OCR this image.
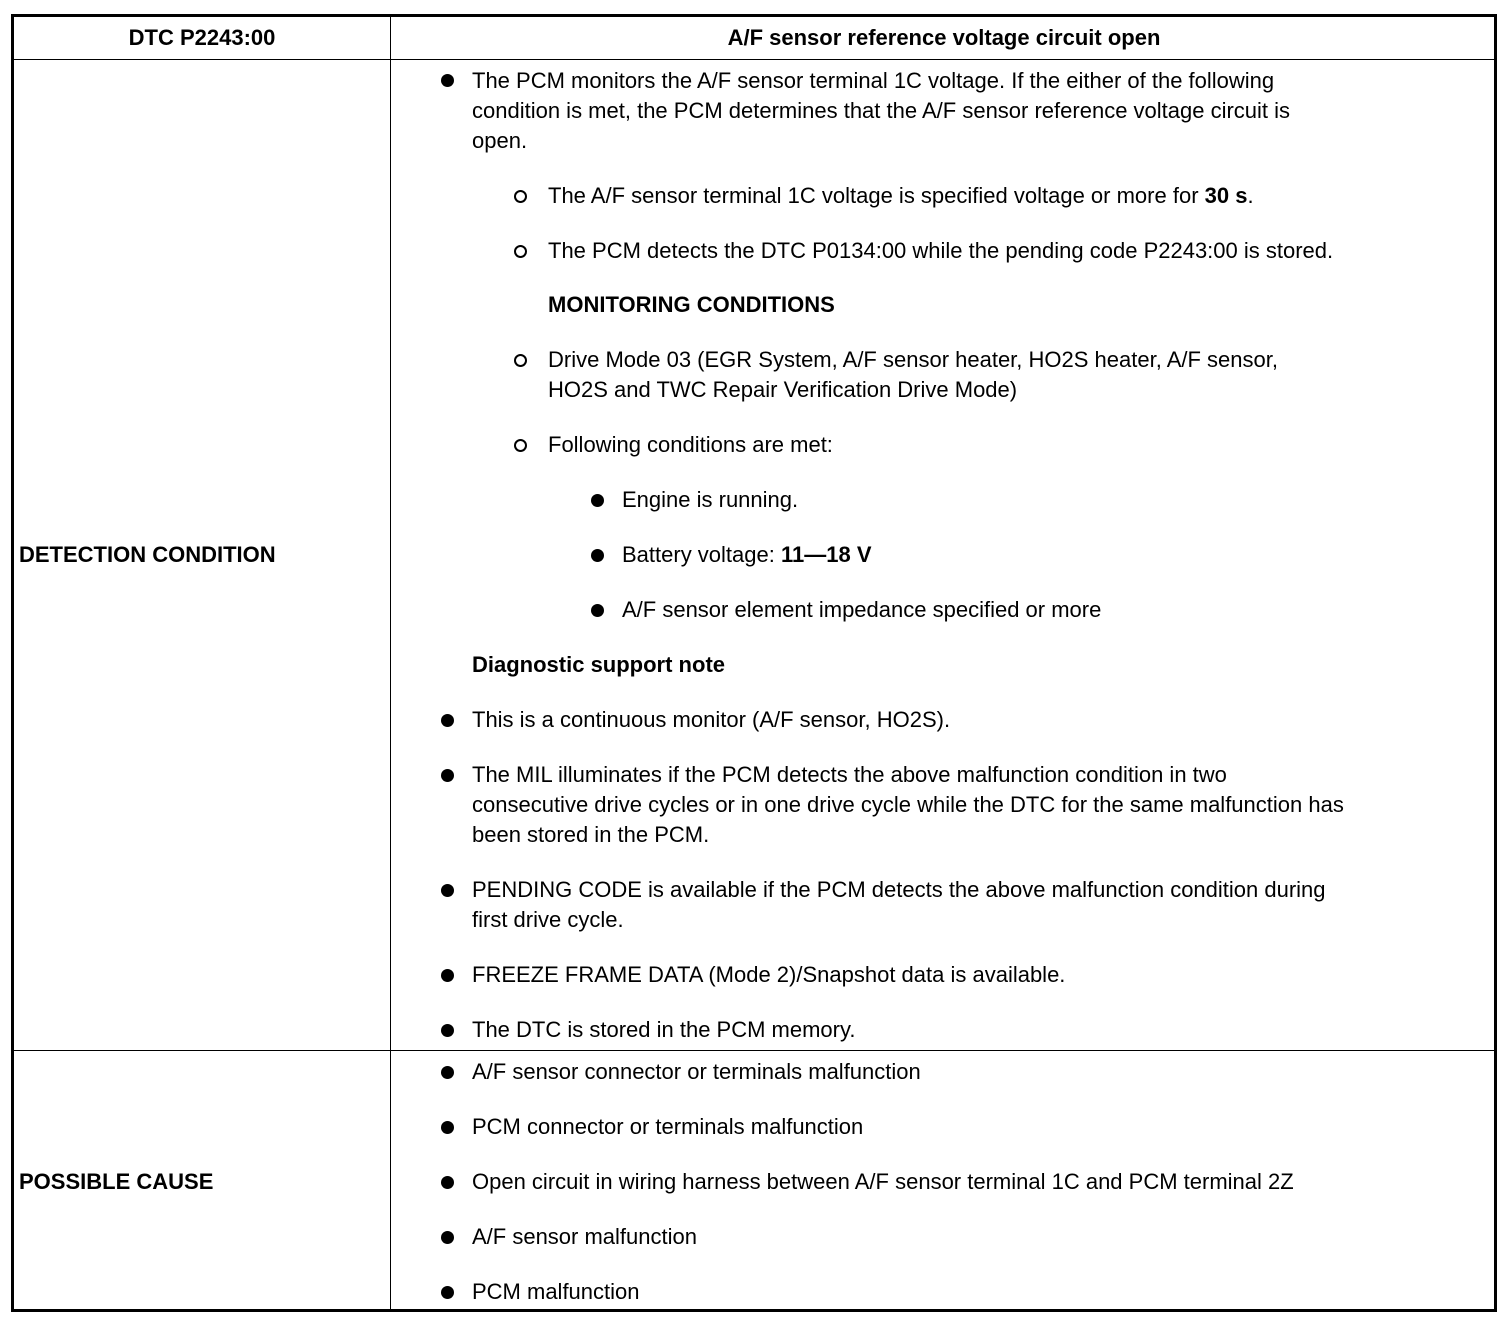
DTC P2243:00	A/F sensor reference voltage circuit open
DETECTION CONDITION
POSSIBLE CAUSE
The PCM monitors the A/F sensor terminal 1C voltage. If the either of the following
condition is met, the PCM determines that the A/F sensor reference voltage circuit is
open.
The A/F sensor terminal 1C voltage is specified voltage or more for 30 s.
The PCM detects the DTC P0134:00 while the pending code P2243:00 is stored.
MONITORING CONDITIONS
Drive Mode 03 (EGR System, A/F sensor heater, HO2S heater, A/F sensor,
HO2S and TWC Repair Verification Drive Mode)
Following conditions are met:
Engine is running.
Battery voltage: 11—18 V
A/F sensor element impedance specified or more
Diagnostic support note
This is a continuous monitor (A/F sensor, HO2S).
The MIL illuminates if the PCM detects the above malfunction condition in two
consecutive drive cycles or in one drive cycle while the DTC for the same malfunction has
been stored in the PCM.
PENDING CODE is available if the PCM detects the above malfunction condition during
first drive cycle.
FREEZE FRAME DATA (Mode 2)/Snapshot data is available.
The DTC is stored in the PCM memory.
A/F sensor connector or terminals malfunction
PCM connector or terminals malfunction
Open circuit in wiring harness between A/F sensor terminal 1C and PCM terminal 2Z
A/F sensor malfunction
PCM malfunction
